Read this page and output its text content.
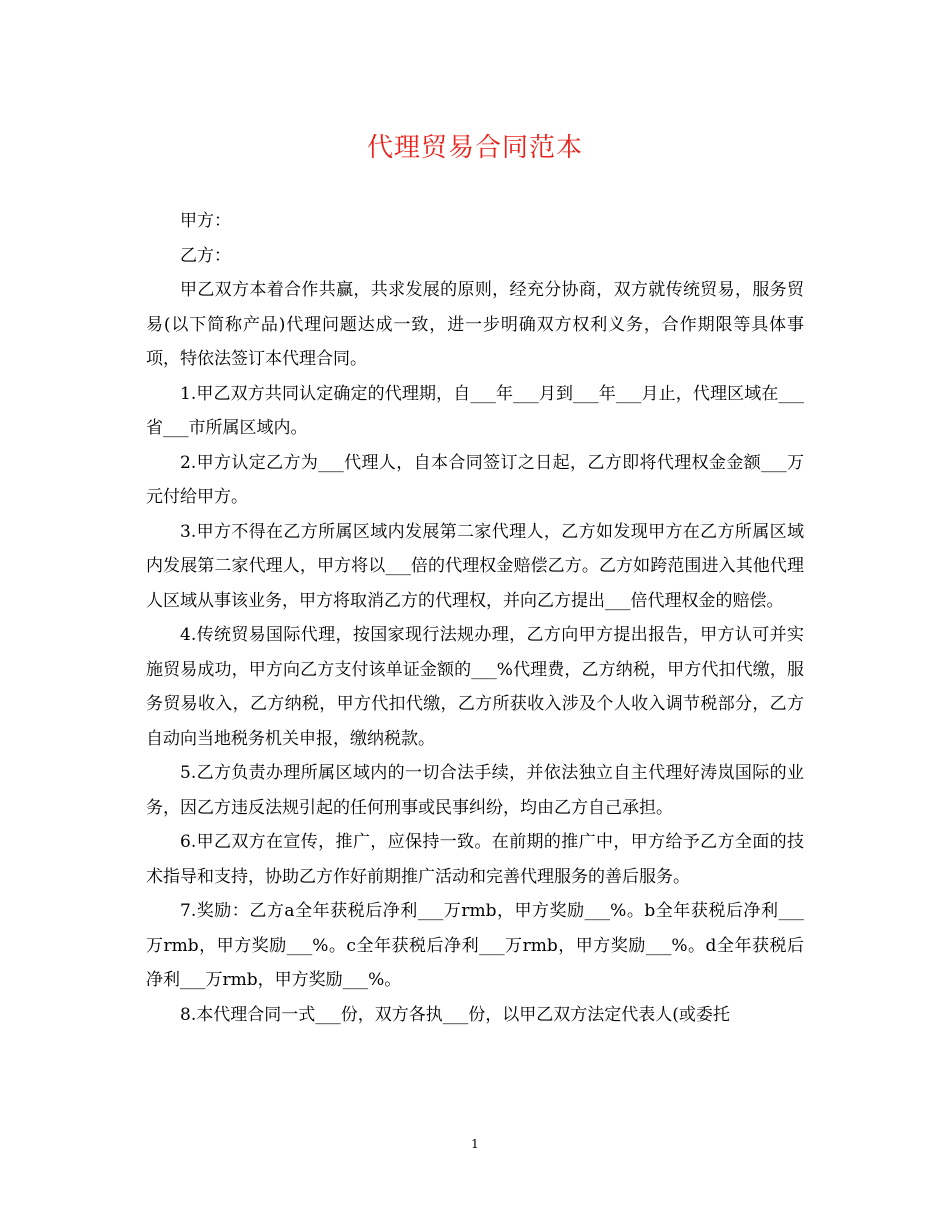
代理贸易合同范本

甲方：

乙方：

甲乙双方本着合作共赢，共求发展的原则，经充分协商，双方就传统贸易，服务贸易(以下简称产品)代理问题达成一致，进一步明确双方权利义务，合作期限等具体事项，特依法签订本代理合同。

1.甲乙双方共同认定确定的代理期，自___年___月到___年___月止，代理区域在___省___市所属区域内。

2.甲方认定乙方为___代理人，自本合同签订之日起，乙方即将代理权金金额___万元付给甲方。

3.甲方不得在乙方所属区域内发展第二家代理人，乙方如发现甲方在乙方所属区域内发展第二家代理人，甲方将以___倍的代理权金赔偿乙方。乙方如跨范围进入其他代理人区域从事该业务，甲方将取消乙方的代理权，并向乙方提出___倍代理权金的赔偿。

4.传统贸易国际代理，按国家现行法规办理，乙方向甲方提出报告，甲方认可并实施贸易成功，甲方向乙方支付该单证金额的___%代理费，乙方纳税，甲方代扣代缴，服务贸易收入，乙方纳税，甲方代扣代缴，乙方所获收入涉及个人收入调节税部分，乙方自动向当地税务机关申报，缴纳税款。

5.乙方负责办理所属区域内的一切合法手续，并依法独立自主代理好涛岚国际的业务，因乙方违反法规引起的任何刑事或民事纠纷，均由乙方自己承担。

6.甲乙双方在宣传，推广，应保持一致。在前期的推广中，甲方给予乙方全面的技术指导和支持，协助乙方作好前期推广活动和完善代理服务的善后服务。

7.奖励：乙方a全年获税后净利___万rmb，甲方奖励___%。b全年获税后净利___万rmb，甲方奖励___%。c全年获税后净利___万rmb，甲方奖励___%。d全年获税后净利___万rmb，甲方奖励___%。

8.本代理合同一式___份，双方各执___份，以甲乙双方法定代表人(或委托

1
